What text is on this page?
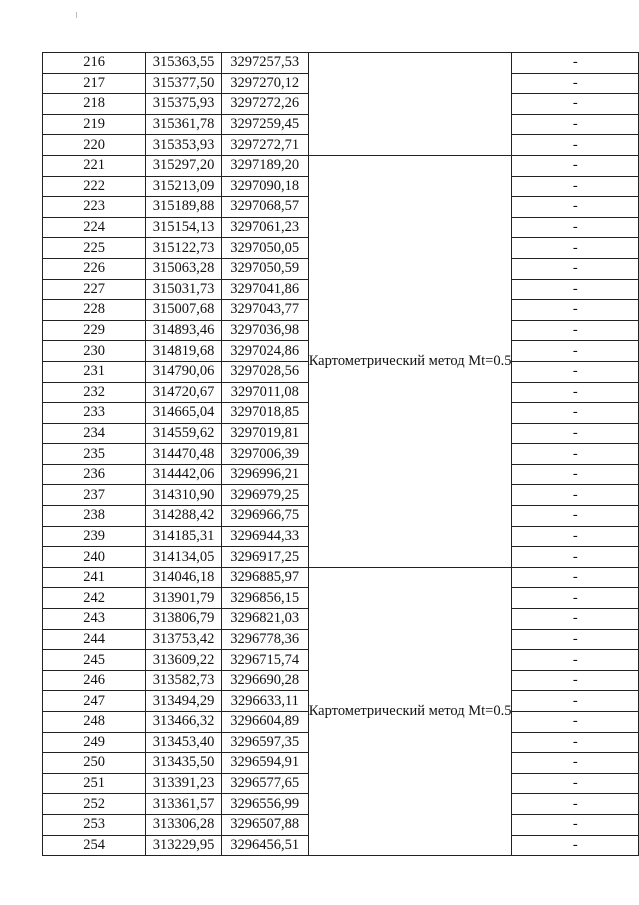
216	315363,55	3297257,53		-
217	315377,50	3297270,12		-
218	315375,93	3297272,26		-
219	315361,78	3297259,45		-
220	315353,93	3297272,71		-
221	315297,20	3297189,20	Картометрический метод Mt=0.5	-
222	315213,09	3297090,18		-
223	315189,88	3297068,57		-
224	315154,13	3297061,23		-
225	315122,73	3297050,05		-
226	315063,28	3297050,59		-
227	315031,73	3297041,86		-
228	315007,68	3297043,77		-
229	314893,46	3297036,98		-
230	314819,68	3297024,86		-
231	314790,06	3297028,56		-
232	314720,67	3297011,08		-
233	314665,04	3297018,85		-
234	314559,62	3297019,81		-
235	314470,48	3297006,39		-
236	314442,06	3296996,21		-
237	314310,90	3296979,25		-
238	314288,42	3296966,75		-
239	314185,31	3296944,33		-
240	314134,05	3296917,25		-
241	314046,18	3296885,97	Картометрический метод Mt=0.5	-
242	313901,79	3296856,15		-
243	313806,79	3296821,03		-
244	313753,42	3296778,36		-
245	313609,22	3296715,74		-
246	313582,73	3296690,28		-
247	313494,29	3296633,11		-
248	313466,32	3296604,89		-
249	313453,40	3296597,35		-
250	313435,50	3296594,91		-
251	313391,23	3296577,65		-
252	313361,57	3296556,99		-
253	313306,28	3296507,88		-
254	313229,95	3296456,51		-
